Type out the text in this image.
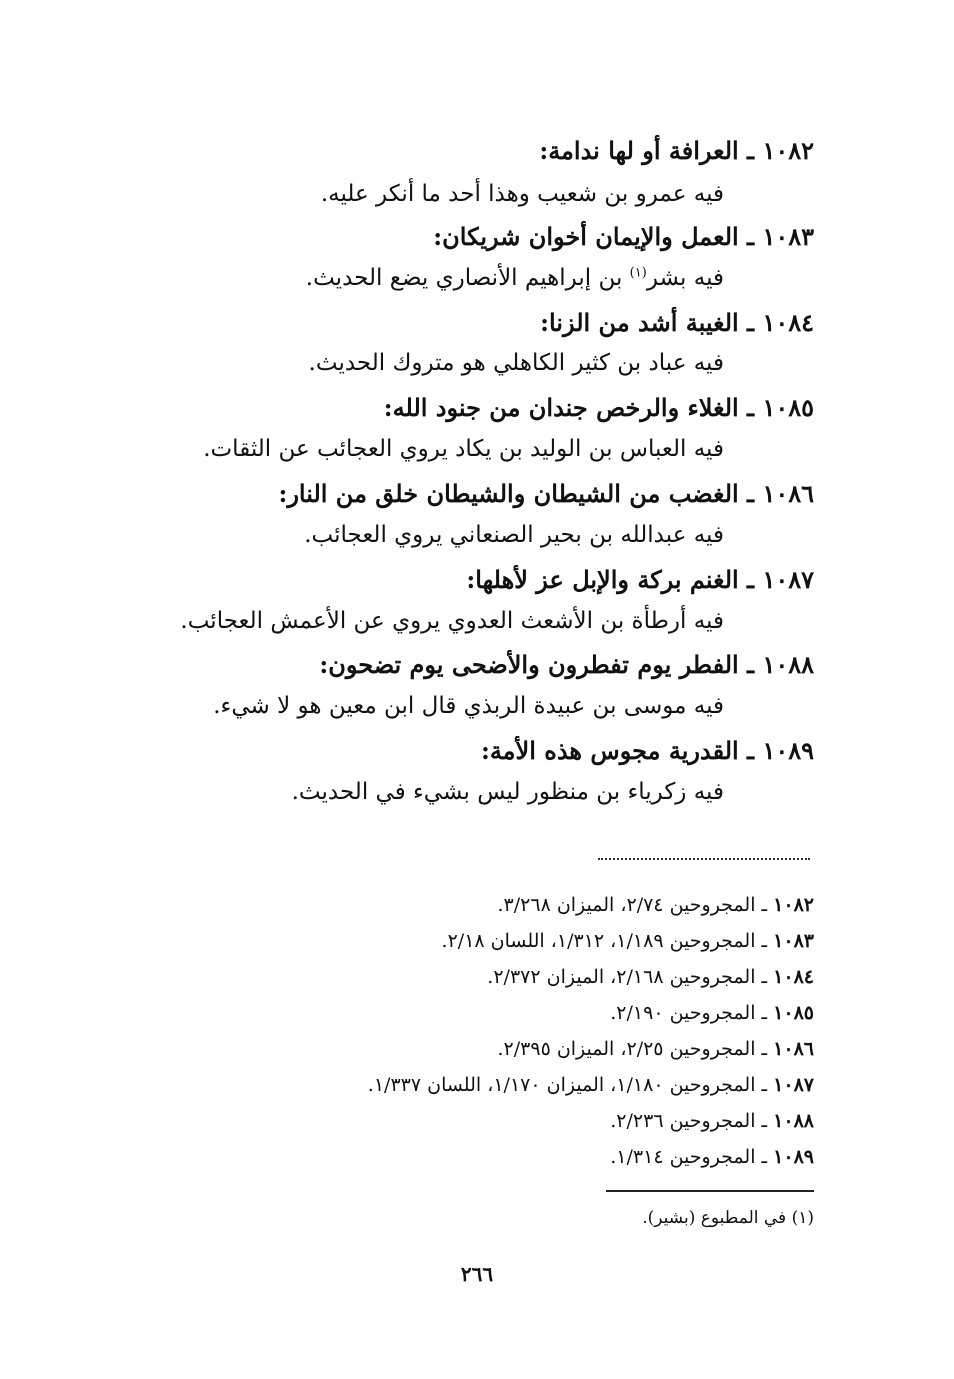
١٠٨٢ ـ العرافة أو لها ندامة:
فيه عمرو بن شعيب وهذا أحد ما أنكر عليه.
١٠٨٣ ـ العمل والإيمان أخوان شريكان:
فيه بشر$^{(١)}$ بن إبراهيم الأنصاري يضع الحديث.
١٠٨٤ ـ الغيبة أشد من الزنا:
فيه عباد بن كثير الكاهلي هو متروك الحديث.
١٠٨٥ ـ الغلاء والرخص جندان من جنود الله:
فيه العباس بن الوليد بن يكاد يروي العجائب عن الثقات.
١٠٨٦ ـ الغضب من الشيطان والشيطان خلق من النار:
فيه عبدالله بن بحير الصنعاني يروي العجائب.
١٠٨٧ ـ الغنم بركة والإبل عز لأهلها:
فيه أرطأة بن الأشعث العدوي يروي عن الأعمش العجائب.
١٠٨٨ ـ الفطر يوم تفطرون والأضحى يوم تضحون:
فيه موسى بن عبيدة الربذي قال ابن معين هو لا شيء.
١٠٨٩ ـ القدرية مجوس هذه الأمة:
فيه زكرياء بن منظور ليس بشيء في الحديث.
١٠٨٢ ـ المجروحين ٢/٧٤، الميزان ٣/٢٦٨.
١٠٨٣ ـ المجروحين ١/١٨٩، ١/٣١٢، اللسان ٢/١٨.
١٠٨٤ ـ المجروحين ٢/١٦٨، الميزان ٢/٣٧٢.
١٠٨٥ ـ المجروحين ٢/١٩٠.
١٠٨٦ ـ المجروحين ٢/٢٥، الميزان ٢/٣٩٥.
١٠٨٧ ـ المجروحين ١/١٨٠، الميزان ١/١٧٠، اللسان ١/٣٣٧.
١٠٨٨ ـ المجروحين ٢/٢٣٦.
١٠٨٩ ـ المجروحين ١/٣١٤.
(١) في المطبوع (بشير).
٢٦٦
